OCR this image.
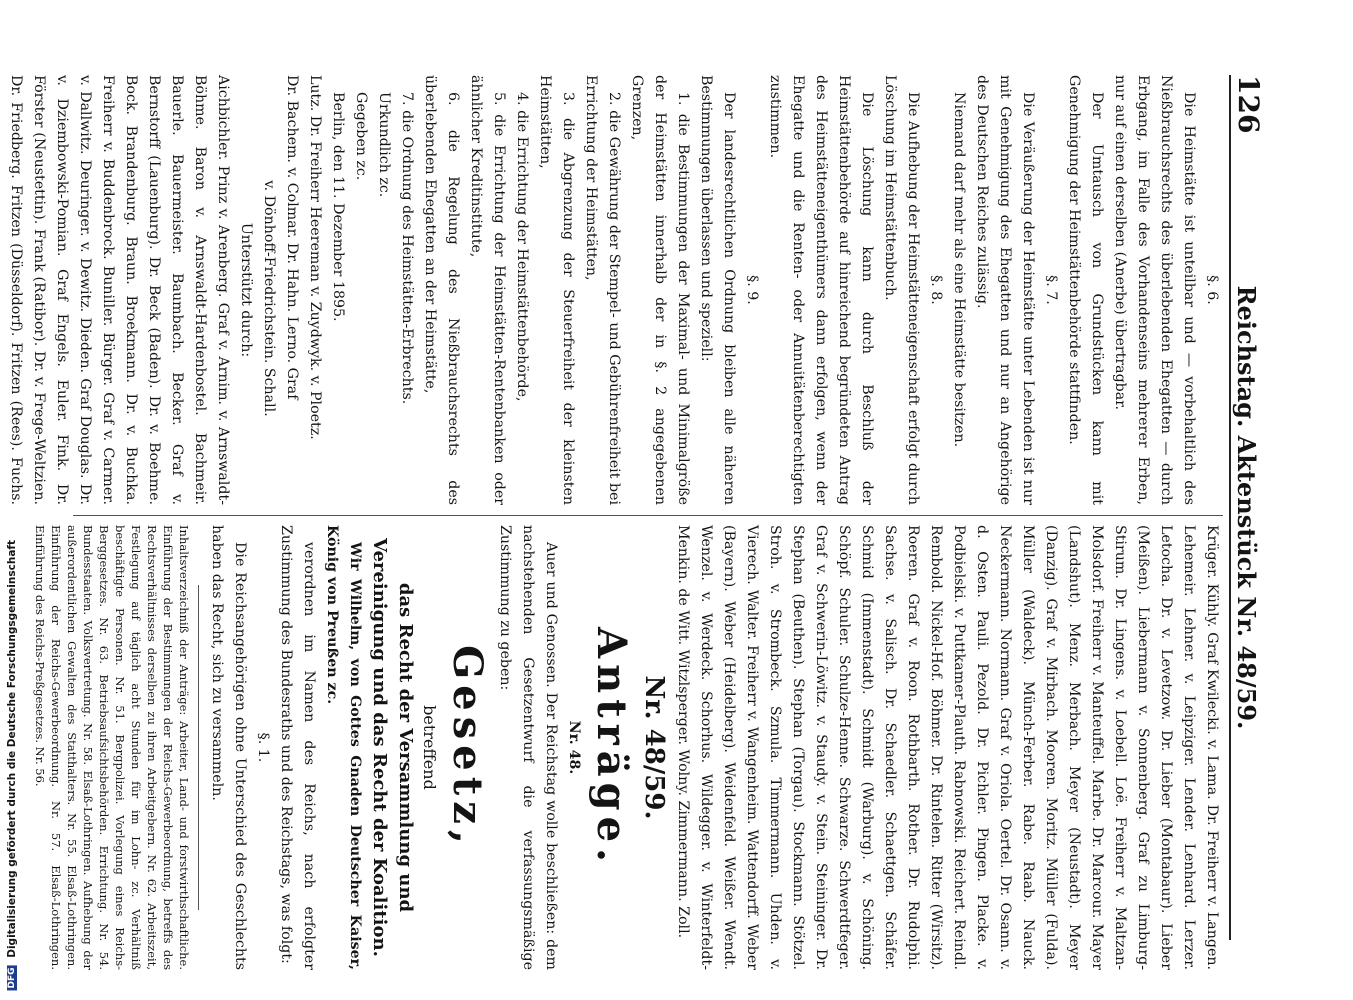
126
Reichstag. Aktenstück Nr. 48/59.
§. 6.

Die Heimstätte ist unteilbar und — vorbehaltlich des Nießbrauchsrechts des überlebenden Ehegatten — durch Erbgang, im Falle des Vorhandenseins mehrerer Erben, nur auf einen derselben (Anerbe) übertragbar.

Der Umtausch von Grundstücken kann mit Genehmigung der Heimstättenbehörde stattfinden.

§. 7.

Die Veräußerung der Heimstätte unter Lebenden ist nur mit Genehmigung des Ehegatten und nur an Angehörige des Deutschen Reiches zulässig.

Niemand darf mehr als eine Heimstätte besitzen.

§. 8.

Die Aufhebung der Heimstätteneigenschaft erfolgt durch Löschung im Heimstättenbuch.

Die Löschung kann durch Beschluß der Heimstättenbehörde auf hinreichend begründeten Antrag des Heimstätteneigenthümers dann erfolgen, wenn der Ehegatte und die Renten- oder Annuitätenberechtigten zustimmen.

§. 9.

Der landesrechtlichen Ordnung bleiben alle näheren Bestimmungen überlassen und speziell:

1. die Bestimmungen der Maximal- und Minimalgröße der Heimstätten innerhalb der in §. 2 angegebenen Grenzen,

2. die Gewährung der Stempel- und Gebührenfreiheit bei Errichtung der Heimstätten,

3. die Abgrenzung der Steuerfreiheit der kleinsten Heimstätten,

4. die Errichtung der Heimstättenbehörde,

5. die Errichtung der Heimstätten-Rentenbanken oder ähnlicher Kreditinstitute,

6. die Regelung des Nießbrauchsrechts des überlebenden Ehegatten an der Heimstätte,

7. die Ordnung des Heimstätten-Erbrechts.

Urkundlich zc.

Gegeben zc.

Berlin, den 11. Dezember 1895.

Lutz. Dr. Freiherr Heereman v. Zuydwyk. v. Ploetz.

Dr. Bachem. v. Colmar. Dr. Hahn. Lerno. Graf

v. Dönhoff-Friedrichstein. Schall.

Unterstützt durch:

Aichbichler. Prinz v. Arenberg. Graf v. Arnim. v. Arnswaldt-Böhme. Baron v. Arnswaldt-Hardenbostel. Bachmeir. Bauerle. Bauermeister. Baumbach. Becker. Graf v. Bernstorff (Lauenburg). Dr. Beck (Baden). Dr. v. Boehme. Bock. Brandenburg. Braun. Broekmann. Dr. v. Buchka. Freiherr v. Buddenbrock. Buniller. Bürger. Graf v. Carmer. v. Dallwitz. Deuringer. v. Dewitz. Dieden. Graf Douglas. Dr. v. Dziembowski-Pomian. Graf Engels. Euler. Fink. Dr. Förster (Neustettin). Frank (Ratibor). Dr. v. Frege-Weltzien. Dr. Friedberg. Fritzen (Düsseldorf). Fritzen (Rees). Fuchs.

Krüger. Kühly. Graf Kwilecki. v. Lama. Dr. Freiherr v. Langen. Lehemeir. Lehner. v. Leipziger. Lender. Lenhard. Lerzer. Letocha. Dr. v. Levetzow. Dr. Lieber (Montabaur). Lieber (Meißen). Liebermann v. Sonnenberg. Graf zu Limburg-Stirum. Dr. Lingens. v. Loebell. Loë. Freiherr v. Maltzan-Molsdorf. Freiherr v. Manteuffel. Marbe. Dr. Marcour. Mayer (Landshut). Menz. Merbach. Meyer (Neustadt). Meyer (Danzig). Graf v. Mirbach. Mooren. Moritz. Müller (Fulda). Müller (Waldeck). Münch-Ferber. Rabe. Raab. Nauck. Neckermann. Normann. Graf v. Oriola. Oertel. Dr. Osann. v. d. Osten. Pauli. Pezold. Dr. Pichler. Pingen. Placke. v. Podbielski. v. Puttkamer-Plauth. Rabnowski. Reichert. Reindl. Rembold. Nickel-Hof. Böhmer. Dr. Rintelen. Ritter (Wirsitz). Roeren. Graf v. Roon. Rothbarth. Rother. Dr. Rudolphi. Sachse. v. Salisch. Dr. Schaedler. Schaettgen. Schäfer. Schmid (Immenstadt). Schmidt (Warburg). v. Schöning. Schöpf. Schuler. Schulze-Henne. Schwarze. Schwerdtfeger. Graf v. Schwerin-Löwitz. v. Staudy. v. Stein. Steininger. Dr. Stephan (Beuthen). Stephan (Torgau). Stockmann. Stötzel. Stroh. v. Strombeck. Szmula. Timmermann. Uhden. v. Vierech. Walter. Freiherr v. Wangenheim. Wattendorff. Weber (Bayern). Weber (Heidelberg). Weidenfeld. Weißer. Wendt. Wenzel. v. Werdeck. Schorhus. Wildegger. v. Winterfeldt-Menkin. de Witt. Witzlsperger. Wolny. Zimmermann. Zoll.

Nr. 48/59.
Anträge.
Nr. 48.

Auer und Genossen. Der Reichstag wolle beschließen: dem nachstehenden Gesetzentwurf die verfassungsmäßige Zustimmung zu geben:

Gesetz,
betreffend
das Recht der Versammlung und Vereinigung und das Recht der Koalition.

Wir Wilhelm, von Gottes Gnaden Deutscher Kaiser, König von Preußen zc.

verordnen im Namen des Reichs, nach erfolgter Zustimmung des Bundesraths und des Reichstags, was folgt:

§. 1.

Die Reichsangehörigen ohne Unterschied des Geschlechts haben das Recht, sich zu versammeln.

Inhaltsverzeichniß der Anträge: Arbeiter, Land- und forstwirthschaftliche. Einführung der Bestimmungen der Reichs-Gewerbeordnung, betreffs des Rechtsverhältnisses derselben zu ihren Arbeitgebern. Nr. 62. Arbeitszeit, Festlegung auf täglich acht Stunden für im Lohn- zc. Verhältniß beschäftigte Personen. Nr. 51. Bergpolizei. Vorlegung eines Reichs-Berggesetzes. Nr. 63. Betriebsaufsichtsbehörden. Errichtung. Nr. 54. Bundesstaaten. Volksvertretung. Nr. 58. Elsaß-Lothringen. Aufhebung der außerordentlichen Gewalten des Statthalters. Nr. 55. Elsaß-Lothringen. Einführung der Reichs-Gewerbeordnung. Nr. 57. Elsaß-Lothringen. Einführung des Reichs-Preßgesetzes. Nr. 56.

DFG Digitalisierung gefördert durch die Deutsche Forschungsgemeinschaft
